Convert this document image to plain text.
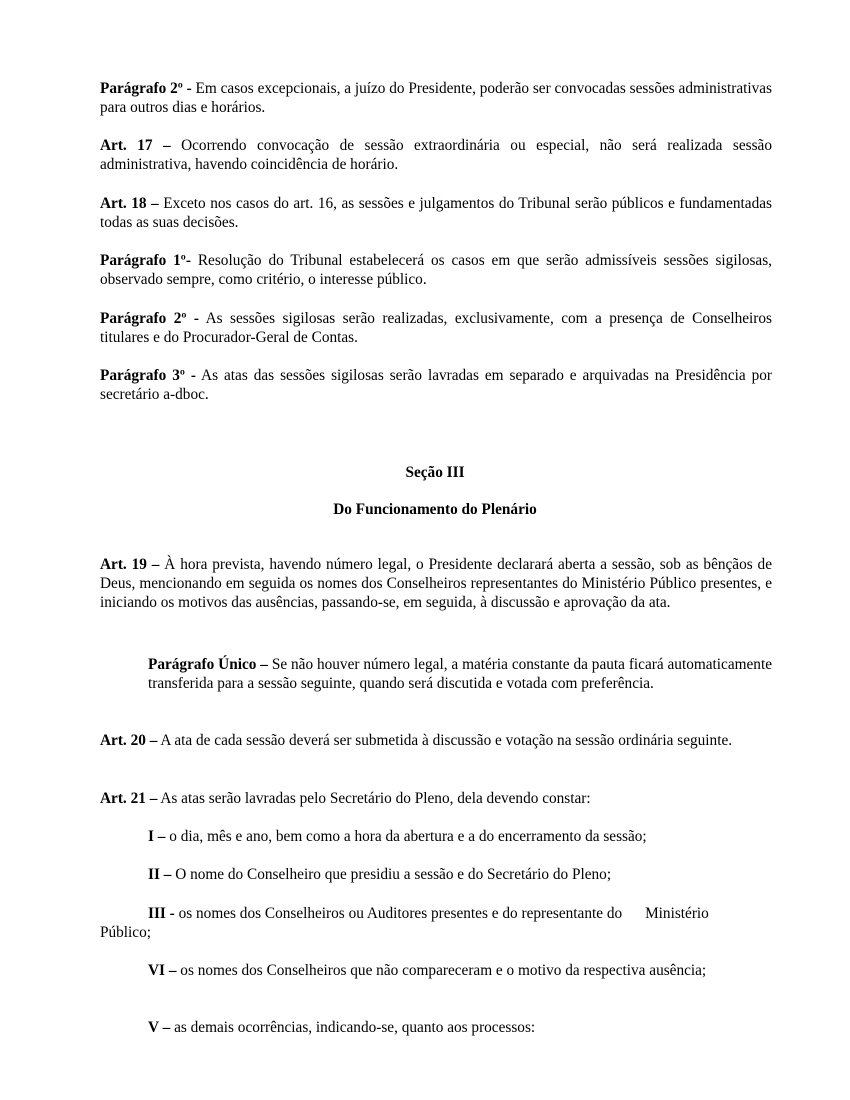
Parágrafo 2º - Em casos excepcionais, a juízo do Presidente, poderão ser convocadas sessões administrativas para outros dias e horários.

Art. 17 – Ocorrendo convocação de sessão extraordinária ou especial, não será realizada sessão administrativa, havendo coincidência de horário.

Art. 18 – Exceto nos casos do art. 16, as sessões e julgamentos do Tribunal serão públicos e fundamentadas todas as suas decisões.

Parágrafo 1º- Resolução do Tribunal estabelecerá os casos em que serão admissíveis sessões sigilosas, observado sempre, como critério, o interesse público.

Parágrafo 2º - As sessões sigilosas serão realizadas, exclusivamente, com a presença de Conselheiros titulares e do Procurador-Geral de Contas.

Parágrafo 3º - As atas das sessões sigilosas serão lavradas em separado e arquivadas na Presidência por secretário a-dboc.

Seção III

Do Funcionamento do Plenário

Art. 19 – À hora prevista, havendo número legal, o Presidente declarará aberta a sessão, sob as bênçãos de Deus, mencionando em seguida os nomes dos Conselheiros representantes do Ministério Público presentes, e iniciando os motivos das ausências, passando-se, em seguida, à discussão e aprovação da ata.

Parágrafo Único – Se não houver número legal, a matéria constante da pauta ficará automaticamente transferida para a sessão seguinte, quando será discutida e votada com preferência.

Art. 20 – A ata de cada sessão deverá ser submetida à discussão e votação na sessão ordinária seguinte.

Art. 21 – As atas serão lavradas pelo Secretário do Pleno, dela devendo constar:

I – o dia, mês e ano, bem como a hora da abertura e a do encerramento da sessão;

II – O nome do Conselheiro que presidiu a sessão e do Secretário do Pleno;

III - os nomes dos Conselheiros ou Auditores presentes e do representante do      Ministério Público;

VI – os nomes dos Conselheiros que não compareceram e o motivo da respectiva ausência;

V – as demais ocorrências, indicando-se, quanto aos processos:
